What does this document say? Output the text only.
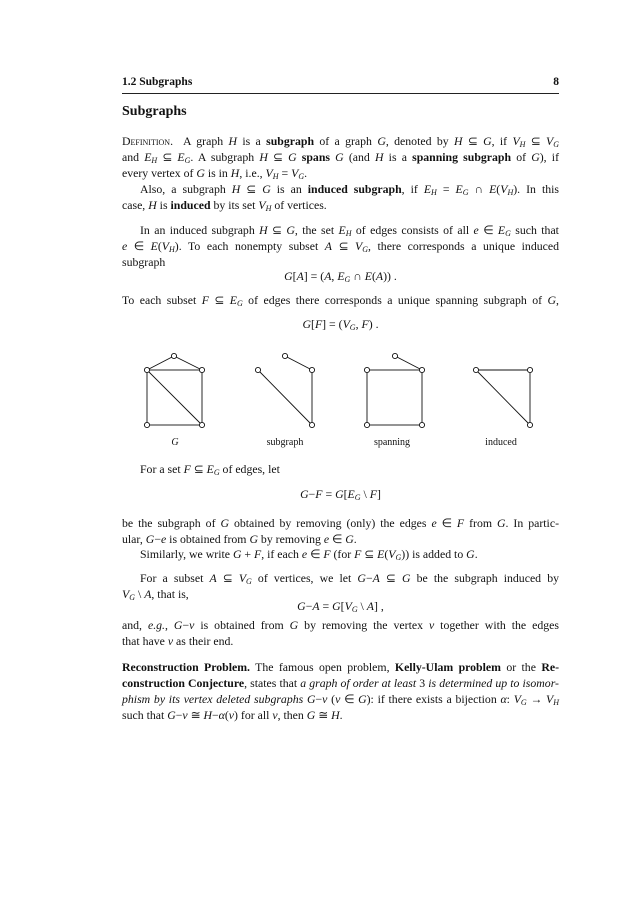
1.2 Subgraphs	8
Subgraphs
Definition.  A graph H is a subgraph of a graph G, denoted by H ⊆ G, if $V_H$ ⊆ $V_G$
and $E_H$ ⊆ $E_G$. A subgraph H ⊆ G spans G (and H is a spanning subgraph of G), if
every vertex of G is in H, i.e., $V_H = V_G$.
Also, a subgraph H ⊆ G is an induced subgraph, if $E_H = E_G$ ∩ $E(V_H)$. In this
case, H is induced by its set $V_H$ of vertices.
In an induced subgraph H ⊆ G, the set $E_H$ of edges consists of all e ∈ $E_G$ such that
e ∈ $E(V_H)$. To each nonempty subset A ⊆ $V_G$, there corresponds a unique induced
subgraph
G[A] = (A, $E_G$ ∩ E(A)) .
To each subset F ⊆ $E_G$ of edges there corresponds a unique spanning subgraph of G,
$G[F] = (V_G$, F) .
G	subgraph	spanning	induced
For a set F ⊆ $E_G$ of edges, let
$G-F = G[E_G$ \ F]
be the subgraph of G obtained by removing (only) the edges e ∈ F from G. In partic-
ular, G−e is obtained from G by removing e ∈ G.
Similarly, we write G + F, if each e ∈ F (for F ⊆ $E(V_G)$) is added to G.
For a subset A ⊆ $V_G$ of vertices, we let G−A ⊆ G be the subgraph induced by
$V_G$ \ A, that is,
$G-A = G[V_G$ \ A] ,
and, e.g., G−v is obtained from G by removing the vertex v together with the edges
that have v as their end.
Reconstruction Problem. The famous open problem, Kelly-Ulam problem or the Re-
construction Conjecture, states that a graph of order at least 3 is determined up to isomor-
phism by its vertex deleted subgraphs G−v (v ∈ G): if there exists a bijection α: $V_G \to V_H$
such that G−v ≅ H−α(v) for all v, then G ≅ H.
